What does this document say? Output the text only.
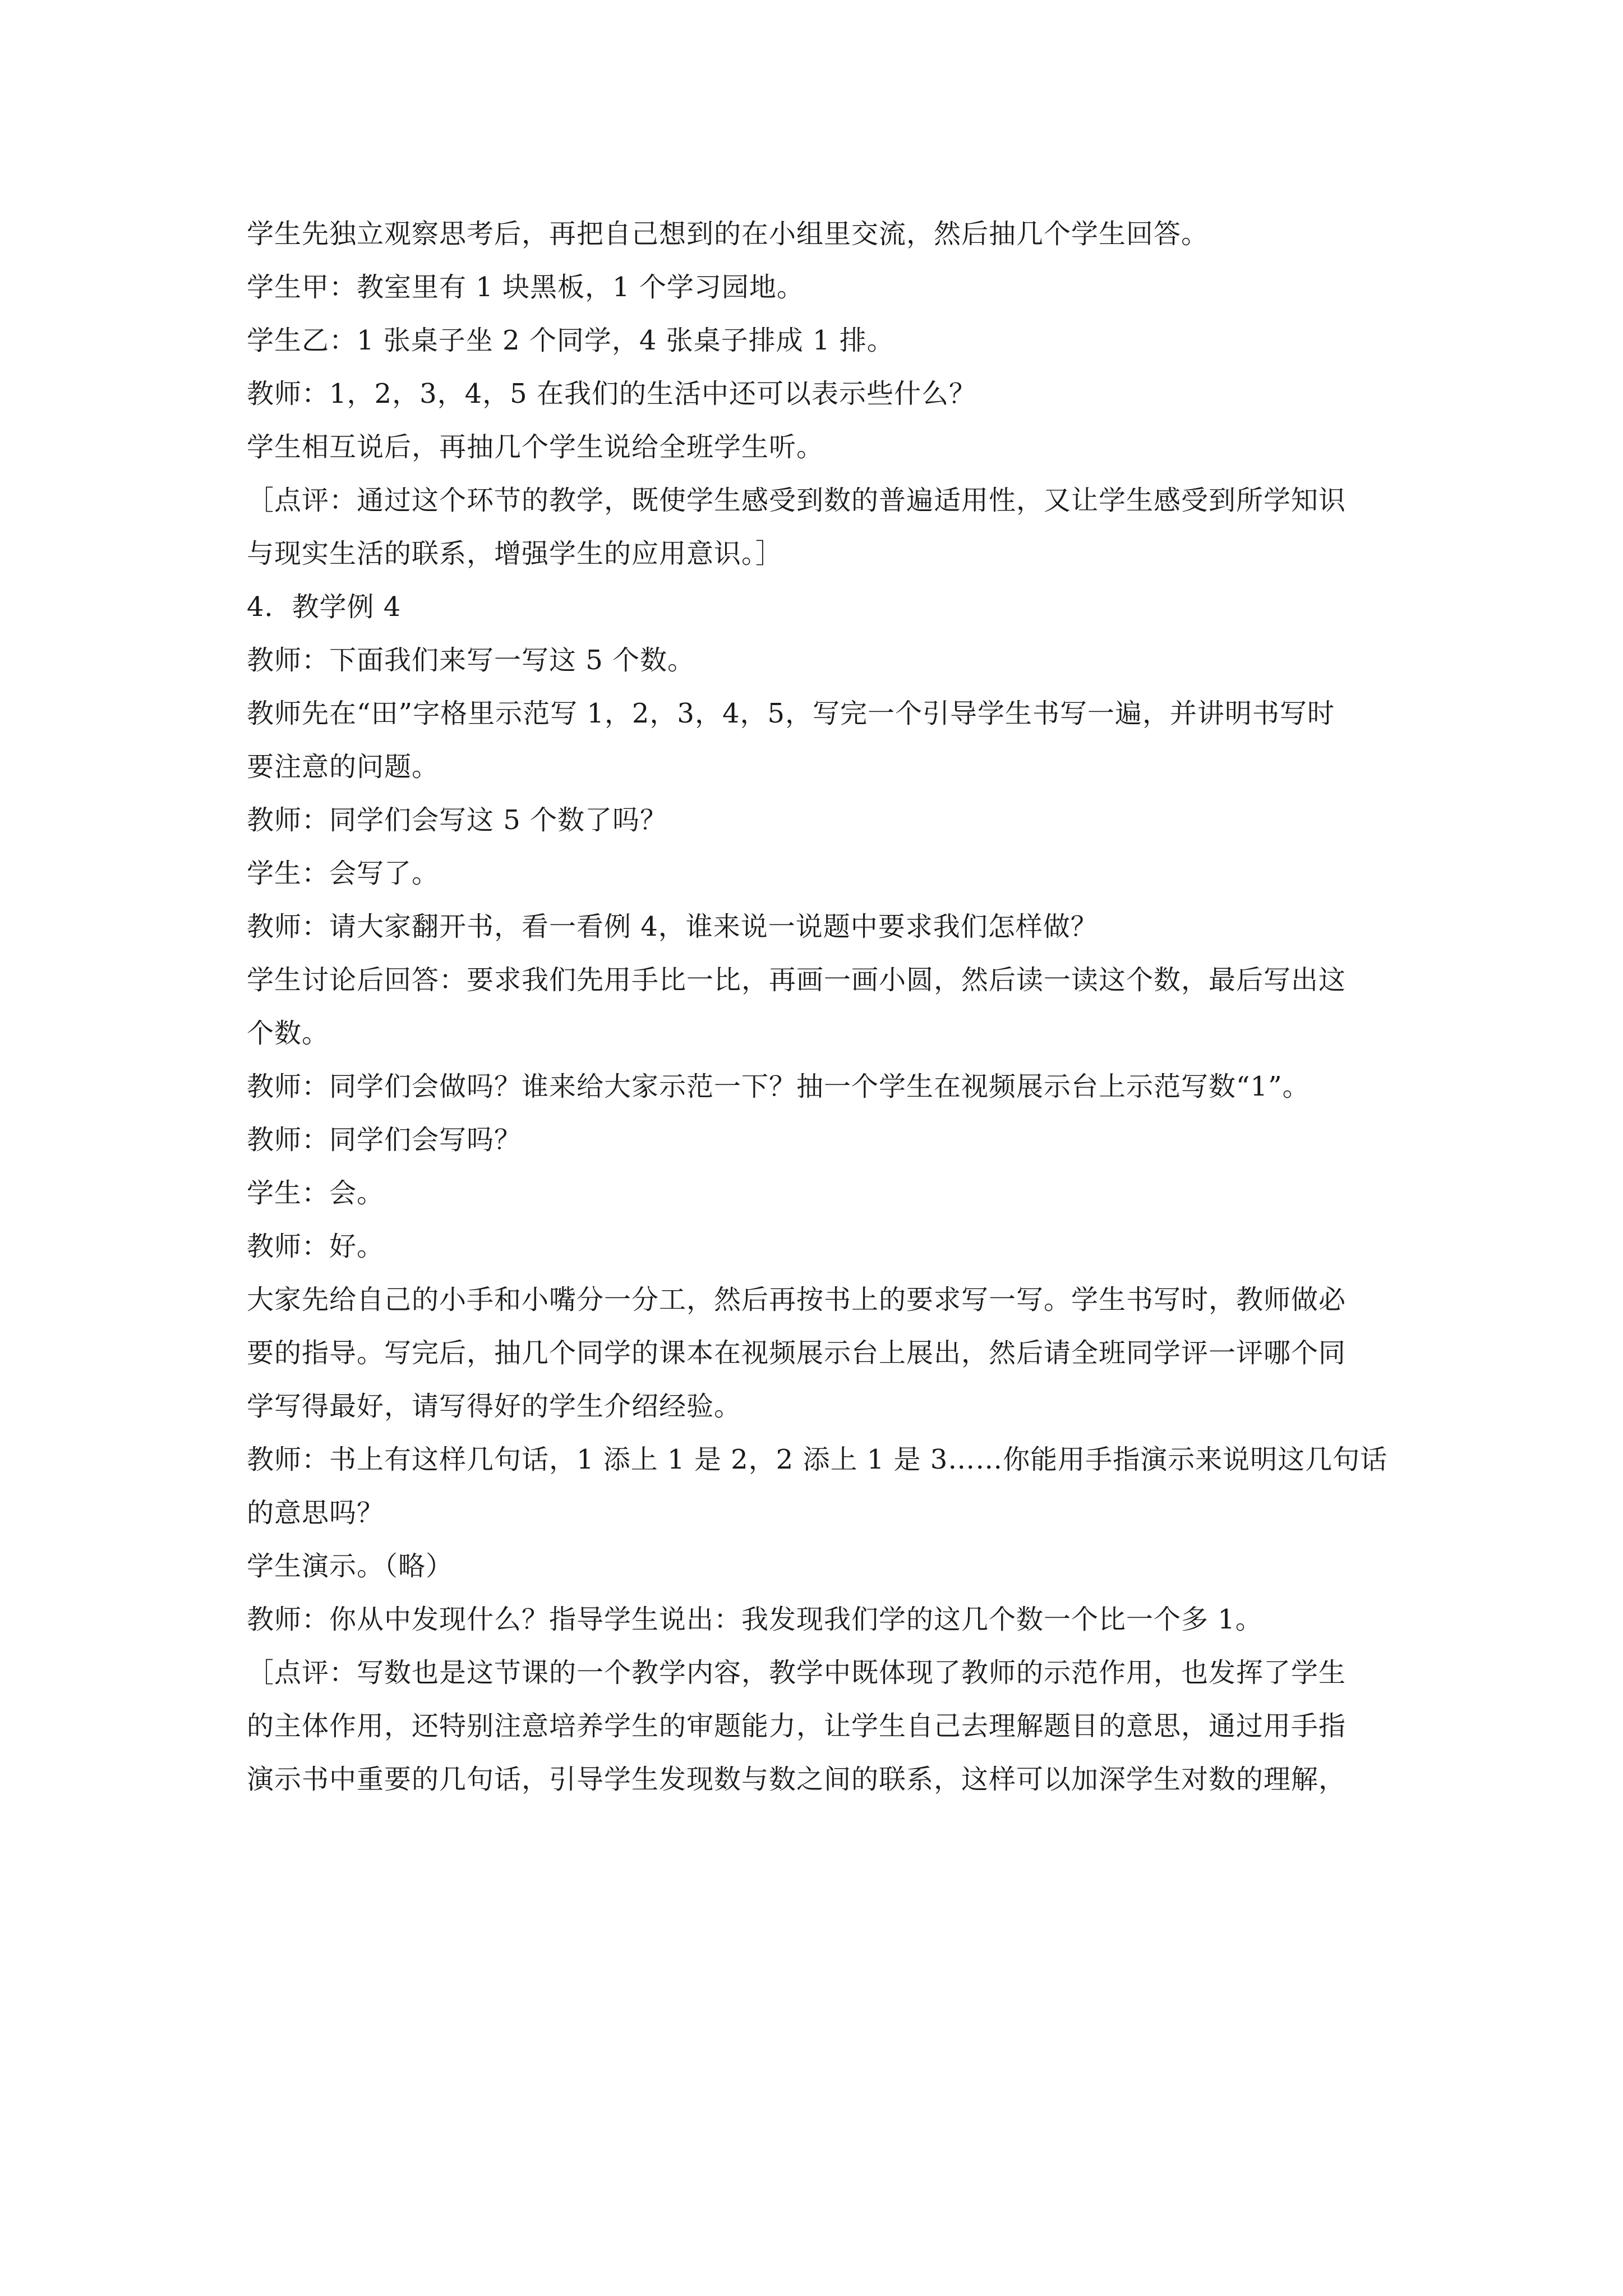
学生先独立观察思考后，再把自己想到的在小组里交流，然后抽几个学生回答。
学生甲：教室里有 1 块黑板，1 个学习园地。
学生乙：1 张桌子坐 2 个同学，4 张桌子排成 1 排。
教师：1，2，3，4，5 在我们的生活中还可以表示些什么？
学生相互说后，再抽几个学生说给全班学生听。
［点评：通过这个环节的教学，既使学生感受到数的普遍适用性，又让学生感受到所学知识
与现实生活的联系，增强学生的应用意识。］
4．教学例 4
教师：下面我们来写一写这 5 个数。
教师先在“田”字格里示范写 1，2，3，4，5，写完一个引导学生书写一遍，并讲明书写时
要注意的问题。
教师：同学们会写这 5 个数了吗？
学生：会写了。
教师：请大家翻开书，看一看例 4，谁来说一说题中要求我们怎样做？
学生讨论后回答：要求我们先用手比一比，再画一画小圆，然后读一读这个数，最后写出这
个数。
教师：同学们会做吗？谁来给大家示范一下？抽一个学生在视频展示台上示范写数“1”。
教师：同学们会写吗？
学生：会。
教师：好。
大家先给自己的小手和小嘴分一分工，然后再按书上的要求写一写。学生书写时，教师做必
要的指导。写完后，抽几个同学的课本在视频展示台上展出，然后请全班同学评一评哪个同
学写得最好，请写得好的学生介绍经验。
教师：书上有这样几句话，1 添上 1 是 2，2 添上 1 是 3……你能用手指演示来说明这几句话
的意思吗？
学生演示。（略）
教师：你从中发现什么？指导学生说出：我发现我们学的这几个数一个比一个多 1。
［点评：写数也是这节课的一个教学内容，教学中既体现了教师的示范作用，也发挥了学生
的主体作用，还特别注意培养学生的审题能力，让学生自己去理解题目的意思，通过用手指
演示书中重要的几句话，引导学生发现数与数之间的联系，这样可以加深学生对数的理解，
